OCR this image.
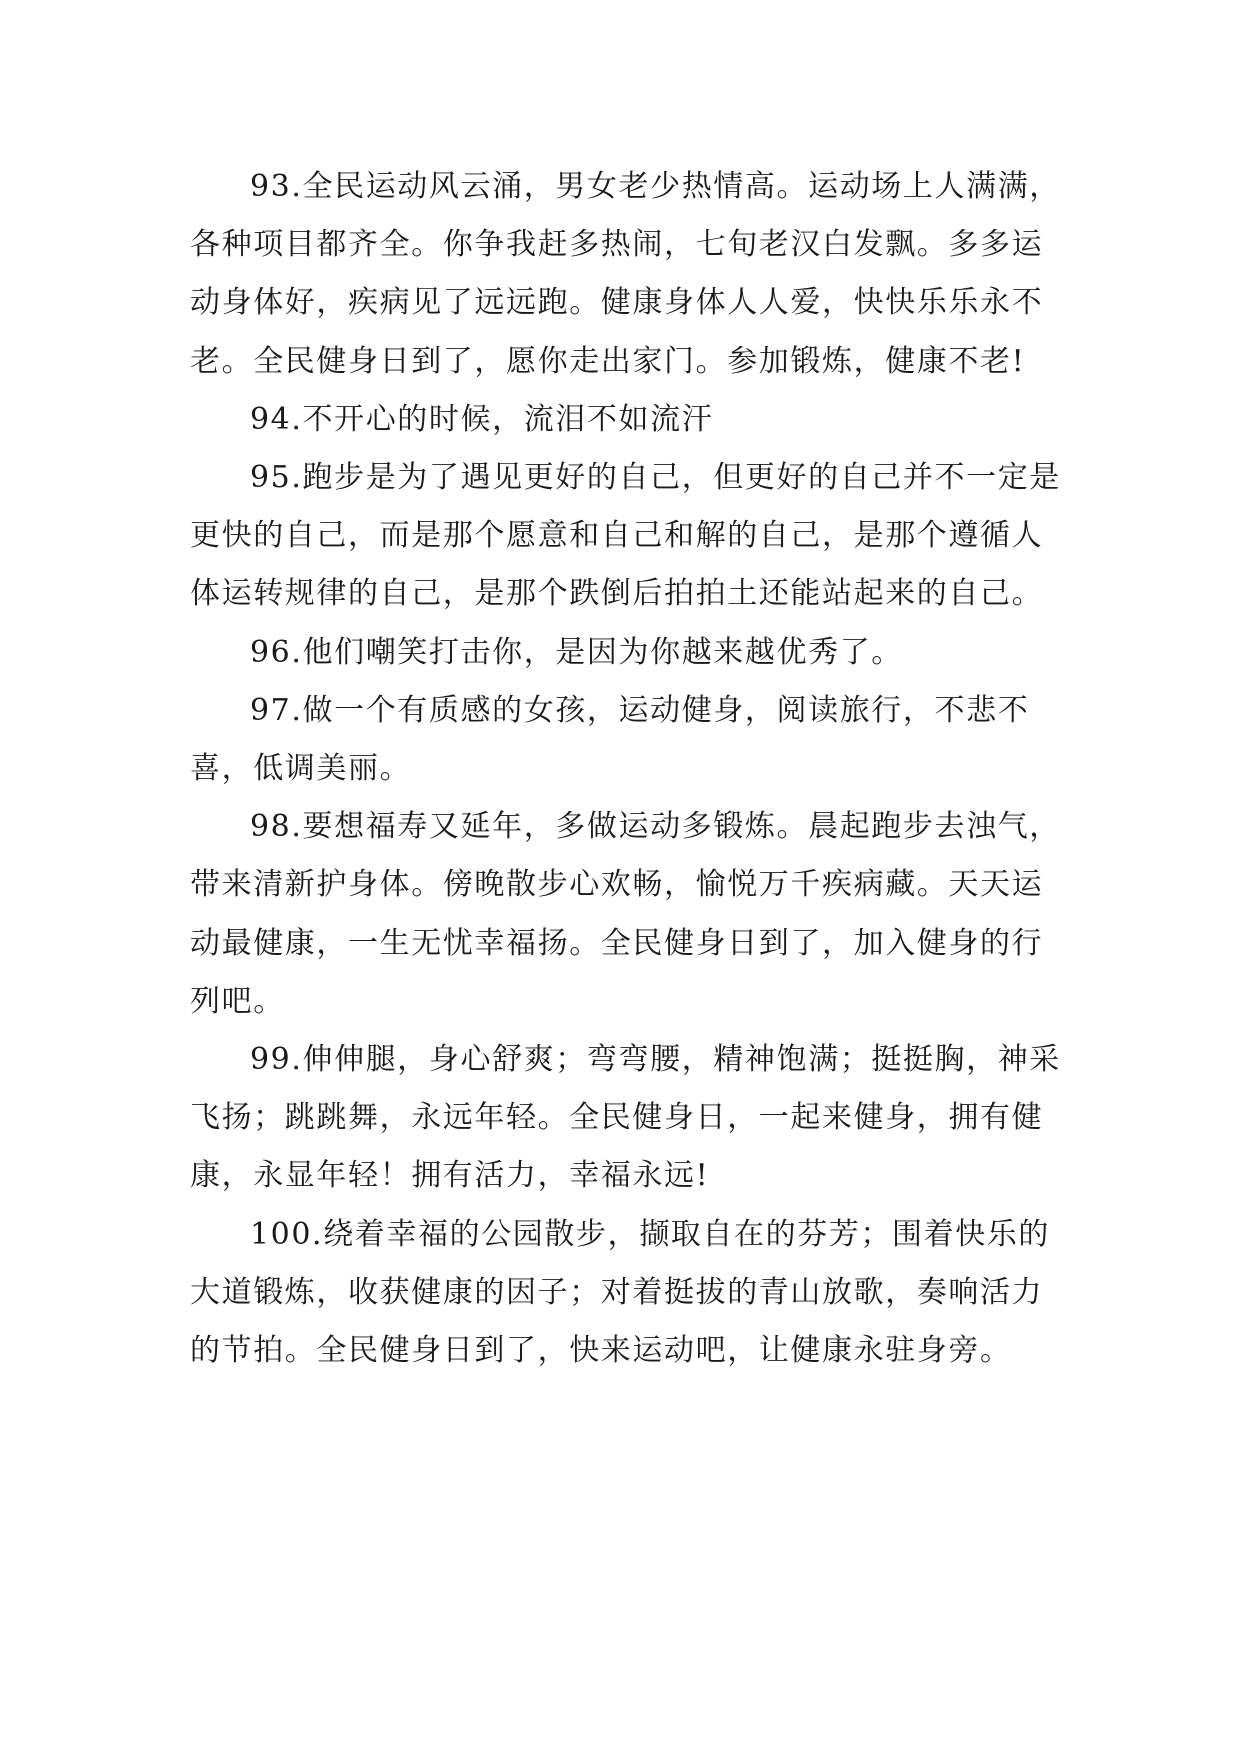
93.全民运动风云涌，男女老少热情高。运动场上人满满，各种项目都齐全。你争我赶多热闹，七旬老汉白发飘。多多运动身体好，疾病见了远远跑。健康身体人人爱，快快乐乐永不老。全民健身日到了，愿你走出家门。参加锻炼，健康不老!

94.不开心的时候，流泪不如流汗

95.跑步是为了遇见更好的自己，但更好的自己并不一定是更快的自己，而是那个愿意和自己和解的自己，是那个遵循人体运转规律的自己，是那个跌倒后拍拍土还能站起来的自己。

96.他们嘲笑打击你，是因为你越来越优秀了。

97.做一个有质感的女孩，运动健身，阅读旅行，不悲不喜，低调美丽。

98.要想福寿又延年，多做运动多锻炼。晨起跑步去浊气，带来清新护身体。傍晚散步心欢畅，愉悦万千疾病藏。天天运动最健康，一生无忧幸福扬。全民健身日到了，加入健身的行列吧。

99.伸伸腿，身心舒爽；弯弯腰，精神饱满；挺挺胸，神采飞扬；跳跳舞，永远年轻。全民健身日，一起来健身，拥有健康，永显年轻！拥有活力，幸福永远!

100.绕着幸福的公园散步，撷取自在的芬芳；围着快乐的大道锻炼，收获健康的因子；对着挺拔的青山放歌，奏响活力的节拍。全民健身日到了，快来运动吧，让健康永驻身旁。
